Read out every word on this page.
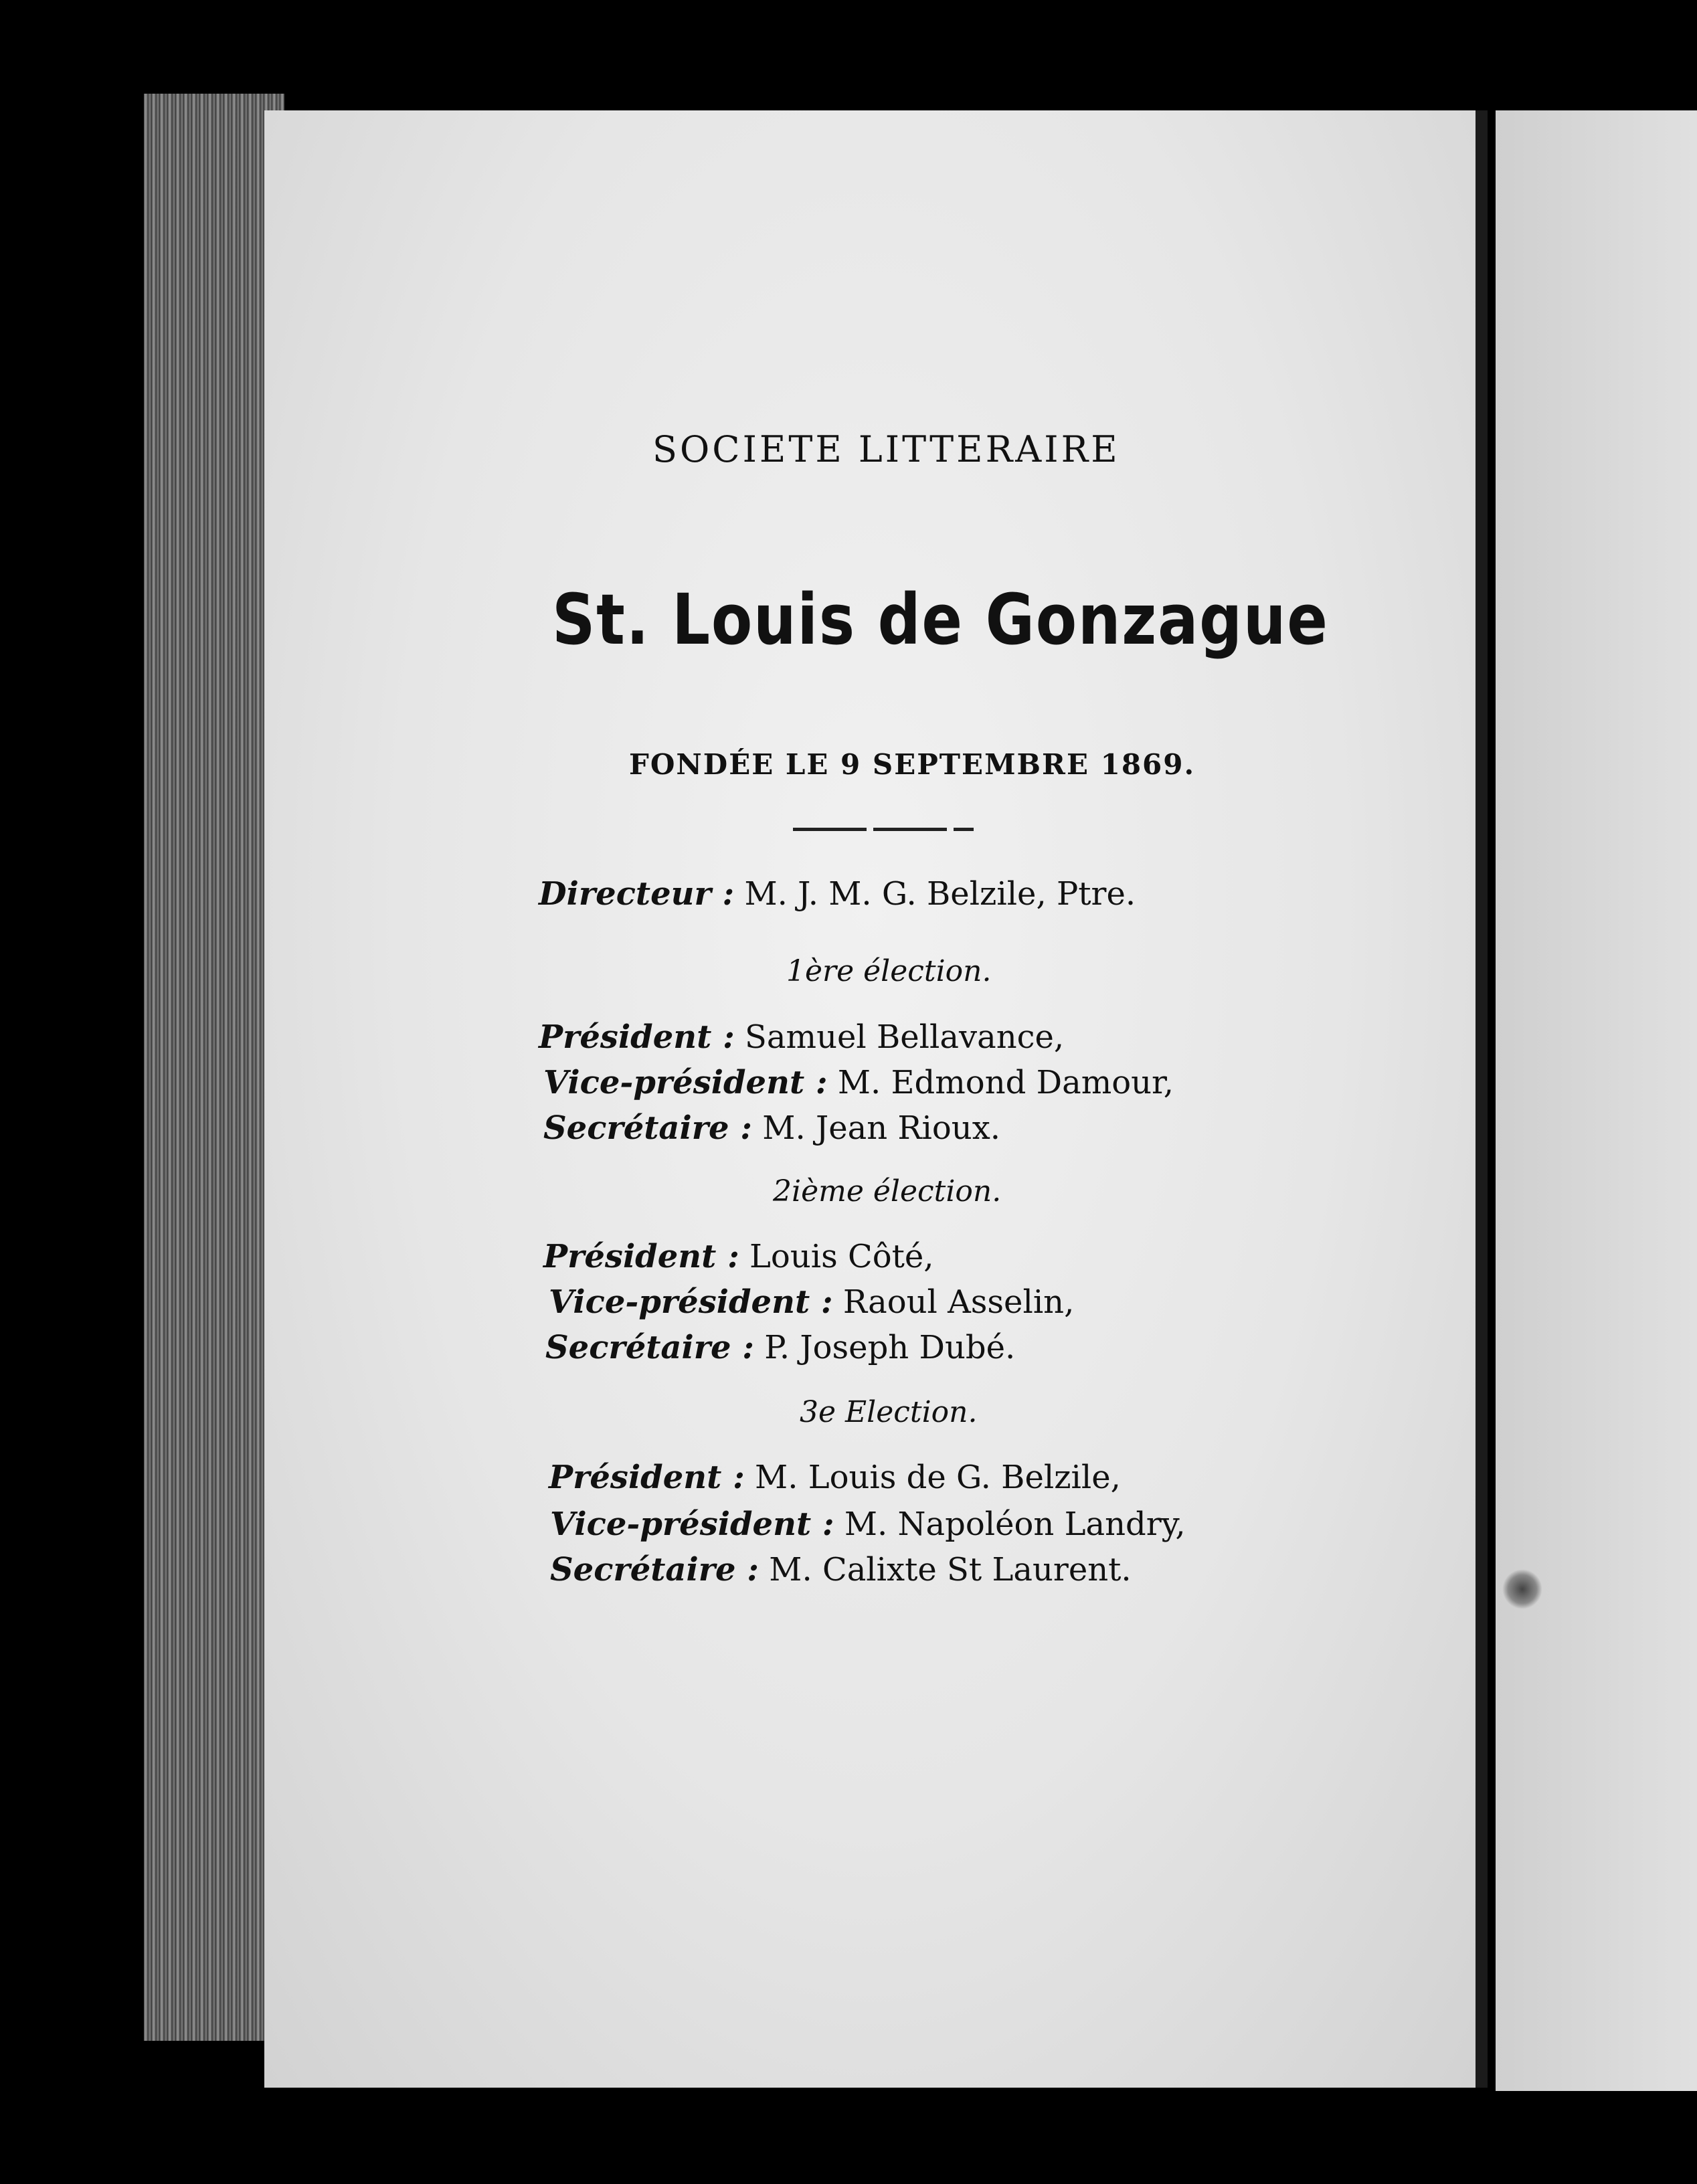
SOCIETE LITTERAIRE
St. Louis de Gonzague
FONDÉE LE 9 SEPTEMBRE 1869.
Directeur : M. J. M. G. Belzile, Ptre.
1ère élection.
Président : Samuel Bellavance,
Vice-président : M. Edmond Damour,
Secrétaire : M. Jean Rioux.
2ième élection.
Président : Louis Côté,
Vice-président : Raoul Asselin,
Secrétaire : P. Joseph Dubé.
3e Election.
Président : M. Louis de G. Belzile,
Vice-président : M. Napoléon Landry,
Secrétaire : M. Calixte St Laurent.
